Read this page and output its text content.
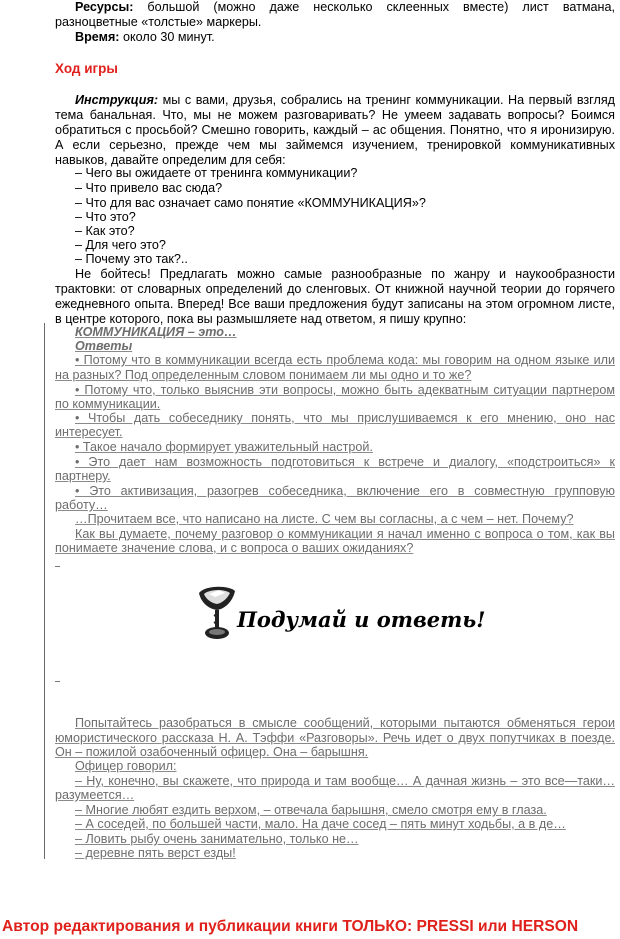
Ресурсы: большой (можно даже несколько склеенных вместе) лист ватмана,
разноцветные «толстые» маркеры.
Время: около 30 минут.
Ход игры
Инструкция: мы с вами, друзья, собрались на тренинг коммуникации. На первый взгляд
тема банальная. Что, мы не можем разговаривать? Не умеем задавать вопросы? Боимся
обратиться с просьбой? Смешно говорить, каждый – ас общения. Понятно, что я иронизирую.
А если серьезно, прежде чем мы займемся изучением, тренировкой коммуникативных
навыков, давайте определим для себя:
– Чего вы ожидаете от тренинга коммуникации?
– Что привело вас сюда?
– Что для вас означает само понятие «КОММУНИКАЦИЯ»?
– Что это?
– Как это?
– Для чего это?
– Почему это так?..
Не бойтесь! Предлагать можно самые разнообразные по жанру и наукообразности
трактовки: от словарных определений до сленговых. От книжной научной теории до горячего
ежедневного опыта. Вперед! Все ваши предложения будут записаны на этом огромном листе,
в центре которого, пока вы размышляете над ответом, я пишу крупно:
КОММУНИКАЦИЯ – это…
Ответы
• Потому что в коммуникации всегда есть проблема кода: мы говорим на одном языке или
на разных? Под определенным словом понимаем ли мы одно и то же?
• Потому что, только выяснив эти вопросы, можно быть адекватным ситуации партнером
по коммуникации.
• Чтобы дать собеседнику понять, что мы прислушиваемся к его мнению, оно нас
интересует.
• Такое начало формирует уважительный настрой.
• Это дает нам возможность подготовиться к встрече и диалогу, «подстроиться» к
партнеру.
• Это активизация, разогрев собеседника, включение его в совместную групповую
работу…
…Прочитаем все, что написано на листе. С чем вы согласны, а с чем – нет. Почему?
Как вы думаете, почему разговор о коммуникации я начал именно с вопроса о том, как вы
понимаете значение слова, и с вопроса о ваших ожиданиях?
Подумай и ответь!
Попытайтесь разобраться в смысле сообщений, которыми пытаются обменяться герои
юмористического рассказа Н. А. Тэффи «Разговоры». Речь идет о двух попутчиках в поезде.
Он – пожилой озабоченный офицер. Она – барышня.
Офицер говорил:
– Ну, конечно, вы скажете, что природа и там вообще… А дачная жизнь – это все—таки…
разумеется…
– Многие любят ездить верхом, – отвечала барышня, смело смотря ему в глаза.
– А соседей, по большей части, мало. На даче сосед – пять минут ходьбы, а в де…
– Ловить рыбу очень занимательно, только не…
– деревне пять верст езды!
Автор редактирования и публикации книги ТОЛЬКО: PRESSI или HERSON
